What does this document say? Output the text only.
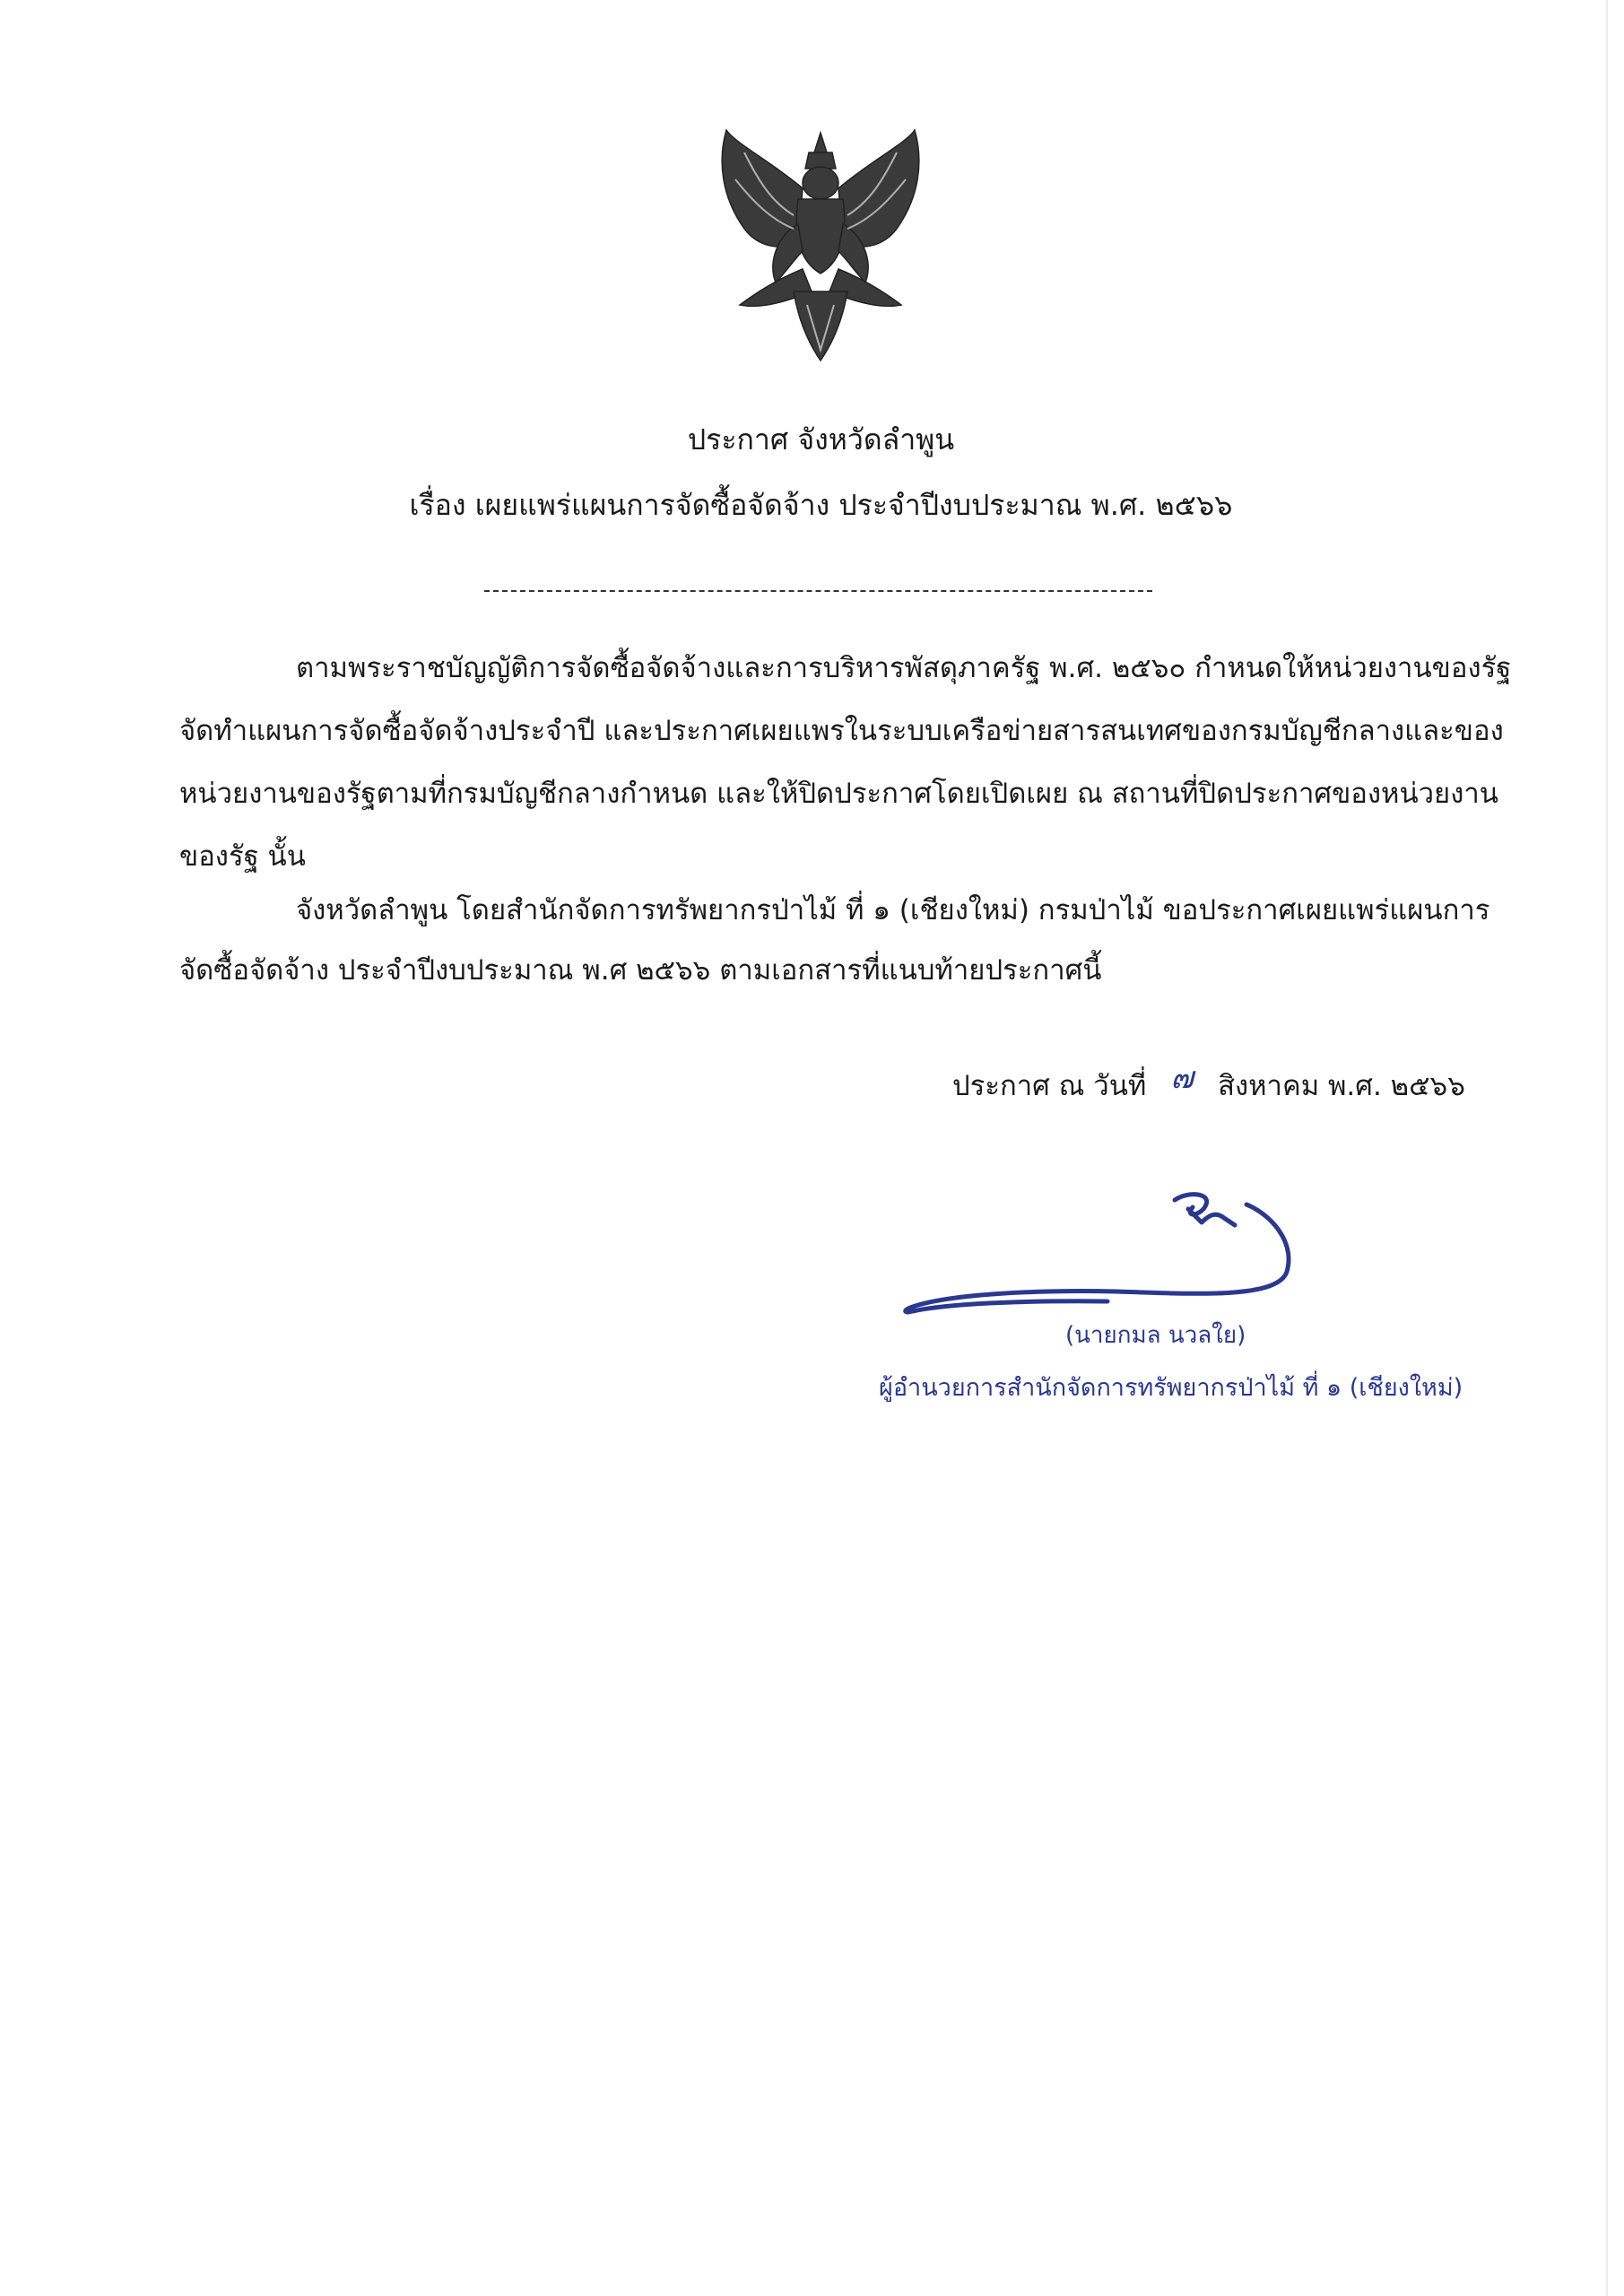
ประกาศ จังหวัดลำพูน
เรื่อง เผยแพร่แผนการจัดซื้อจัดจ้าง ประจำปีงบประมาณ พ.ศ. ๒๕๖๖
ตามพระราชบัญญัติการจัดซื้อจัดจ้างและการบริหารพัสดุภาครัฐ พ.ศ. ๒๕๖๐ กำหนดให้หน่วยงานของรัฐ
จัดทำแผนการจัดซื้อจัดจ้างประจำปี และประกาศเผยแพรในระบบเครือข่ายสารสนเทศของกรมบัญชีกลางและของ
หน่วยงานของรัฐตามที่กรมบัญชีกลางกำหนด และให้ปิดประกาศโดยเปิดเผย ณ สถานที่ปิดประกาศของหน่วยงาน
ของรัฐ นั้น
จังหวัดลำพูน โดยสำนักจัดการทรัพยากรป่าไม้ ที่ ๑ (เชียงใหม่) กรมป่าไม้ ขอประกาศเผยแพร่แผนการ
จัดซื้อจัดจ้าง ประจำปีงบประมาณ พ.ศ ๒๕๖๖ ตามเอกสารที่แนบท้ายประกาศนี้
ประกาศ ณ วันที่ ๗ สิงหาคม พ.ศ. ๒๕๖๖
(นายกมล นวลใย)
ผู้อำนวยการสำนักจัดการทรัพยากรป่าไม้ ที่ ๑ (เชียงใหม่)
